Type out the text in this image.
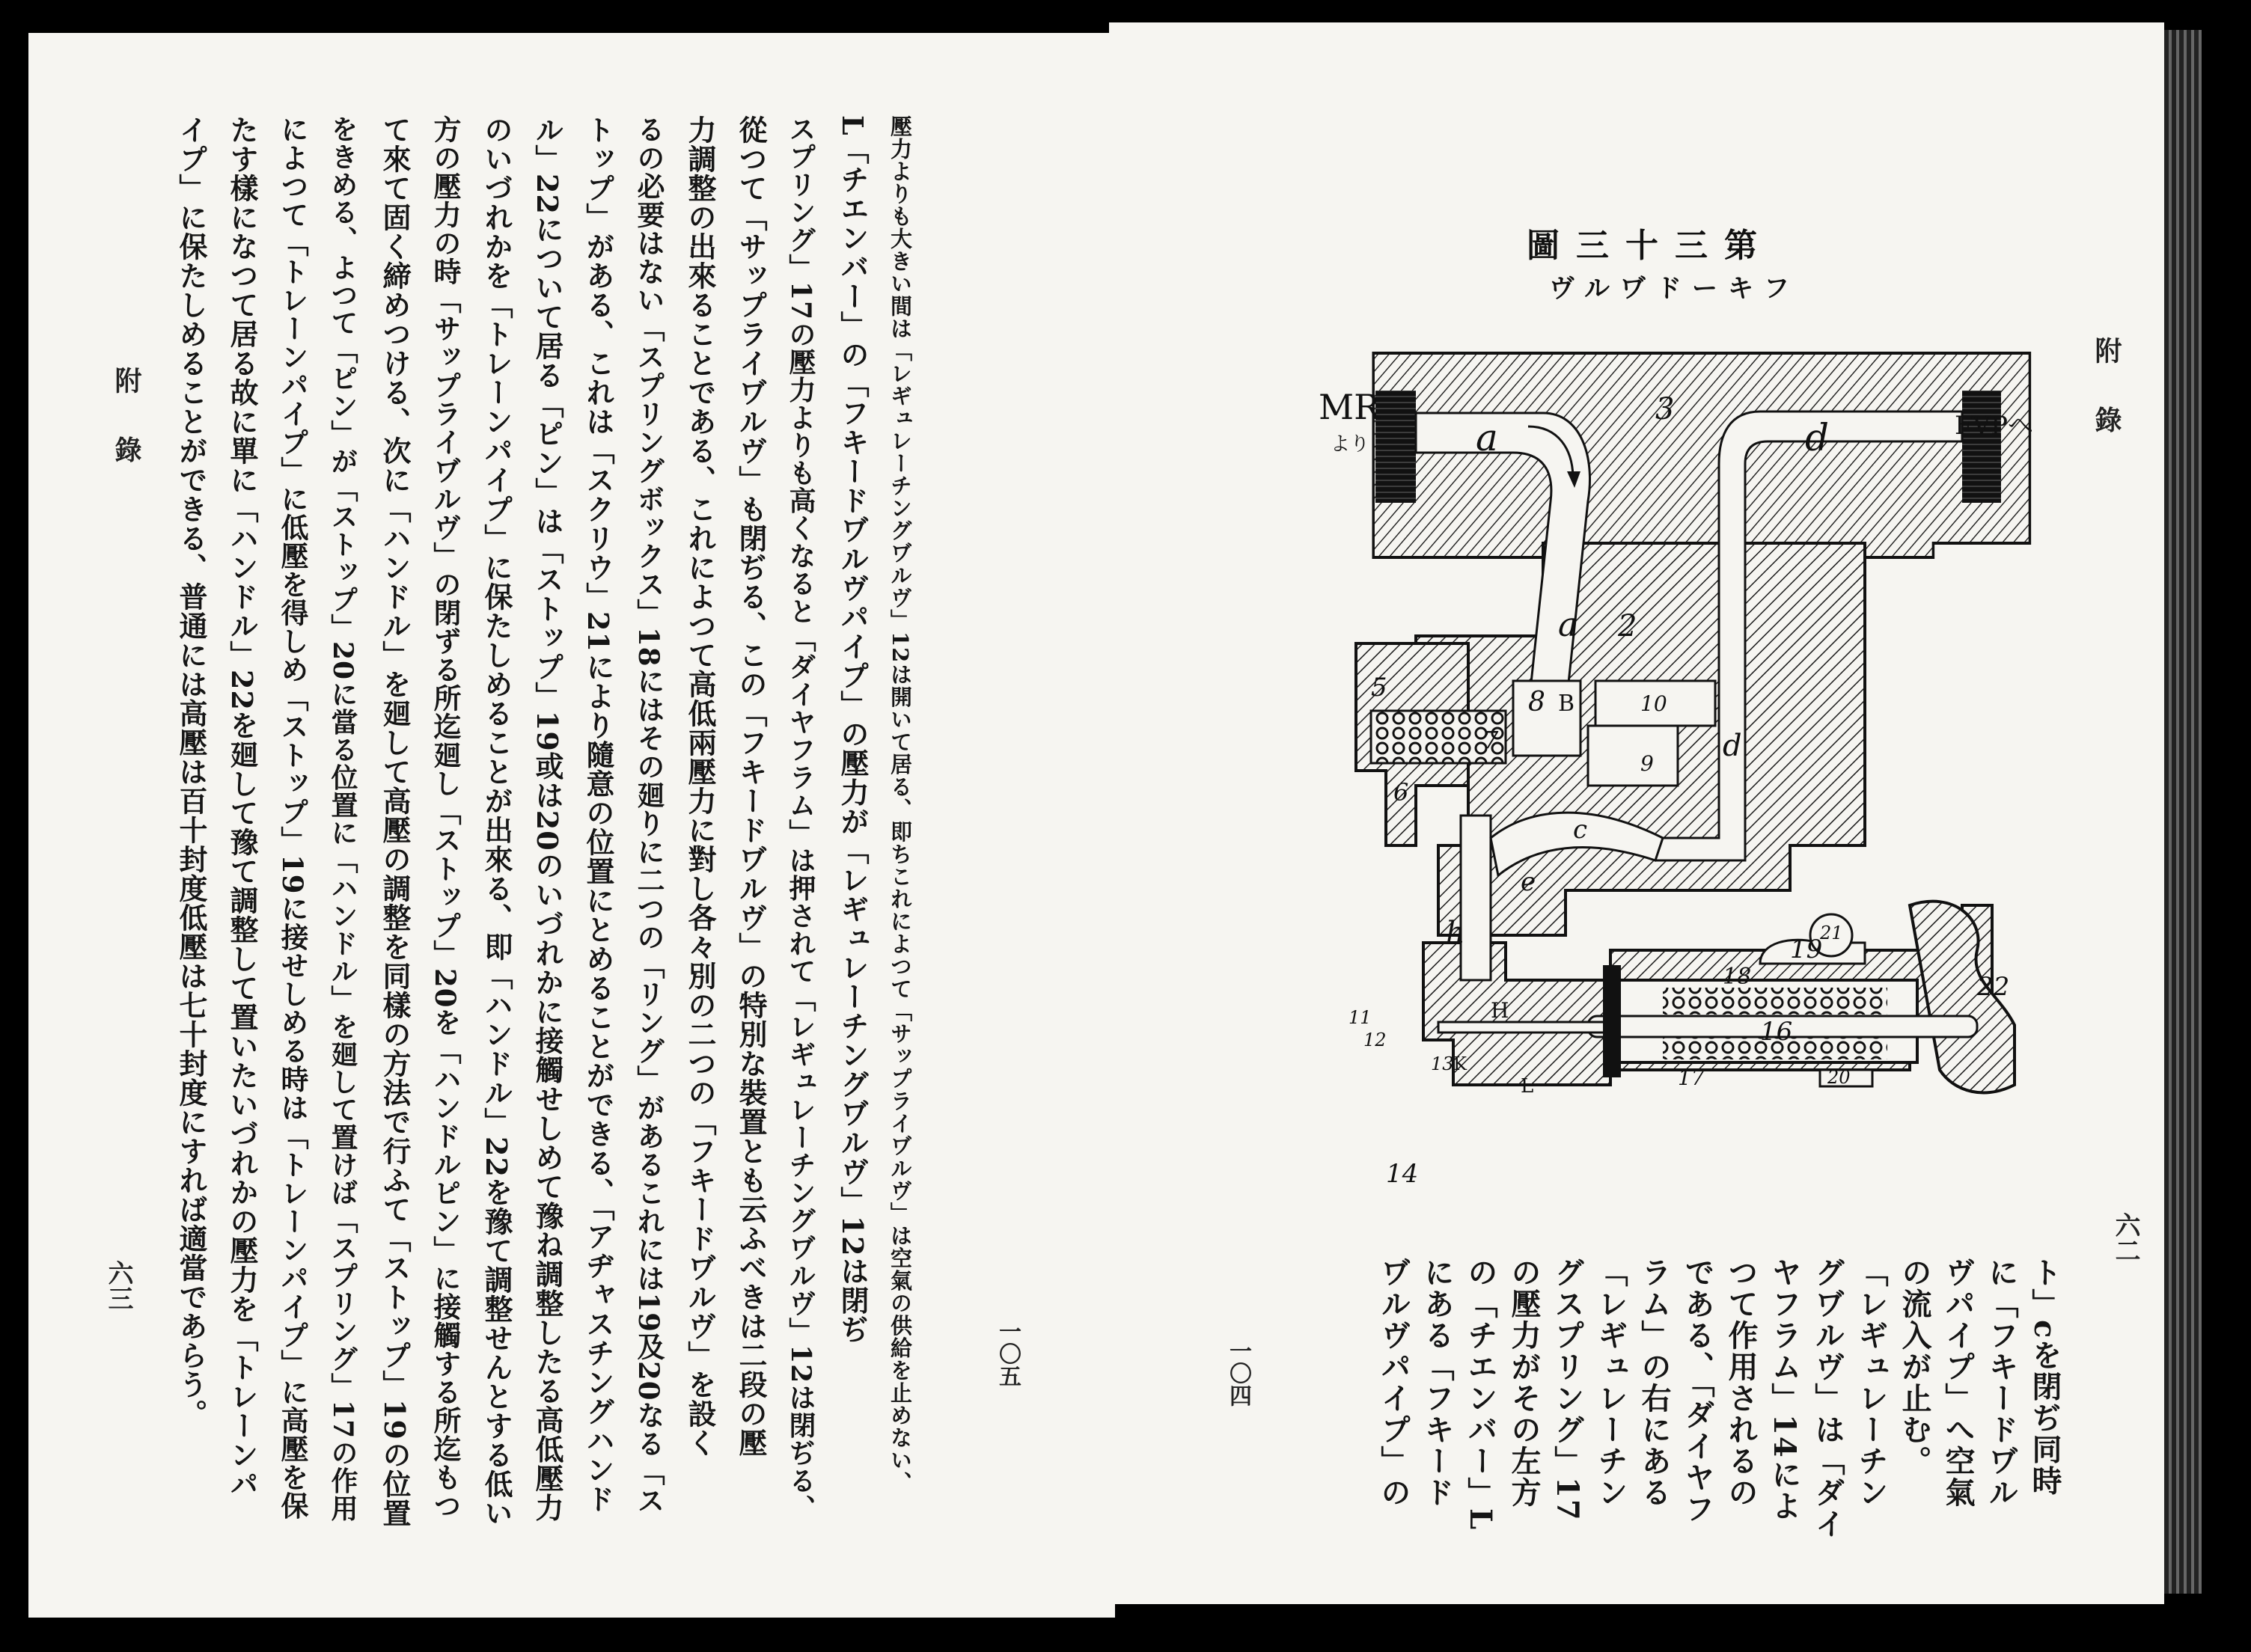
附 錄
六三
一〇五
壓力よりも大きい間は「レギュレーチングヷルヴ」12は開いて居る、即ちこれによつて「サップライヷルヴ」は空氣の供給を止めない、
L「チエンバー」の「フキードヷルヴパイプ」の壓力が「レギュレーチングヷルヴ」12は閉ぢ
スプリング」17の壓力よりも高くなると「ダイヤフラム」は押されて「レギュレーチングヷルヴ」12は閉ぢる、
從つて「サップライヷルヴ」も閉ぢる、この「フキードヷルヴ」の特別な裝置とも云ふべきは二段の壓
力調整の出來ることである、これによつて高低兩壓力に對し各々別の二つの「フキードヷルヴ」を設く
るの必要はない「スプリングボックス」18にはその廻りに二つの「リング」があるこれには19及20なる「ス
トップ」がある、これは「スクリウ」21により隨意の位置にとめることができる、「アヂャスチングハンド
ル」22について居る「ピン」は「ストップ」19或は20のいづれかに接觸せしめて豫ね調整したる高低壓力
のいづれかを「トレーンパイプ」に保たしめることが出來る、即「ハンドル」22を豫て調整せんとする低い
方の壓力の時「サップライヷルヴ」の閉ずる所迄廻し「ストップ」20を「ハンドルピン」に接觸する所迄もつ
て來て固く締めつける、次に「ハンドル」を廻して高壓の調整を同樣の方法で行ふて「ストップ」19の位置
をきめる、よつて「ピン」が「ストップ」20に當る位置に「ハンドル」を廻して置けば「スプリング」17の作用
によつて「トレーンパイプ」に低壓を得しめ「ストップ」19に接せしめる時は「トレーンパイプ」に高壓を保
たす樣になつて居る故に單に「ハンドル」22を廻して豫て調整して置いたいづれかの壓力を「トレーンパ
イプ」に保たしめることができる、普通には高壓は百十封度低壓は七十封度にすれば適當であらう。	圖三十三第
ヴルヷドーキフ
附 錄
六二
一〇四
MR
より
FVPへ
a	d
3
a 2
d
5
6
7
8 B	10
9
c
e
h
H
11
12
13 K
L
14
16
17
18
19
21
20
22
ト」cを閉ぢ同時
に「フキードヷル
ヴパイプ」へ空氣
の流入が止む。
「レギュレーチン
グヷルヴ」は「ダイ
ヤフラム」14によ
つて作用されるの
である、「ダイヤフ
ラム」の右にある
「レギュレーチン
グスプリング」17
の壓力がその左方
の「チエンバー」L
にある「フキード
ヷルヴパイプ」の
